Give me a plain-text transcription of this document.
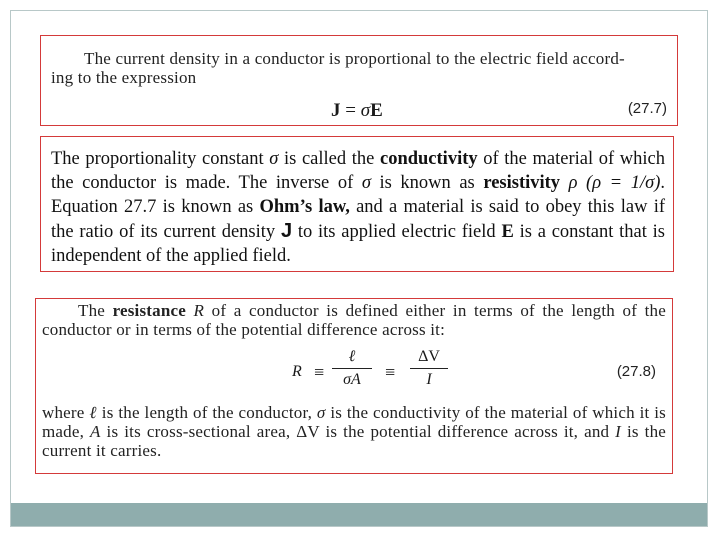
The current density in a conductor is proportional to the electric field accord-
ing to the expression
J = σE	(27.7)
The proportionality constant σ is called the conductivity of the material of which the conductor is made. The inverse of σ is known as resistivity ρ (ρ = 1/σ). Equation 27.7 is known as Ohm’s law, and a material is said to obey this law if the ratio of its current density J to its applied electric field E is a constant that is independent of the applied field.
The resistance R of a conductor is defined either in terms of the length of the conductor or in terms of the potential difference across it:
R ≡
ℓ
σA	≡
ΔV
I	(27.8)
where ℓ is the length of the conductor, σ is the conductivity of the material of which it is made, A is its cross-sectional area, ΔV is the potential difference across it, and I is the current it carries.
